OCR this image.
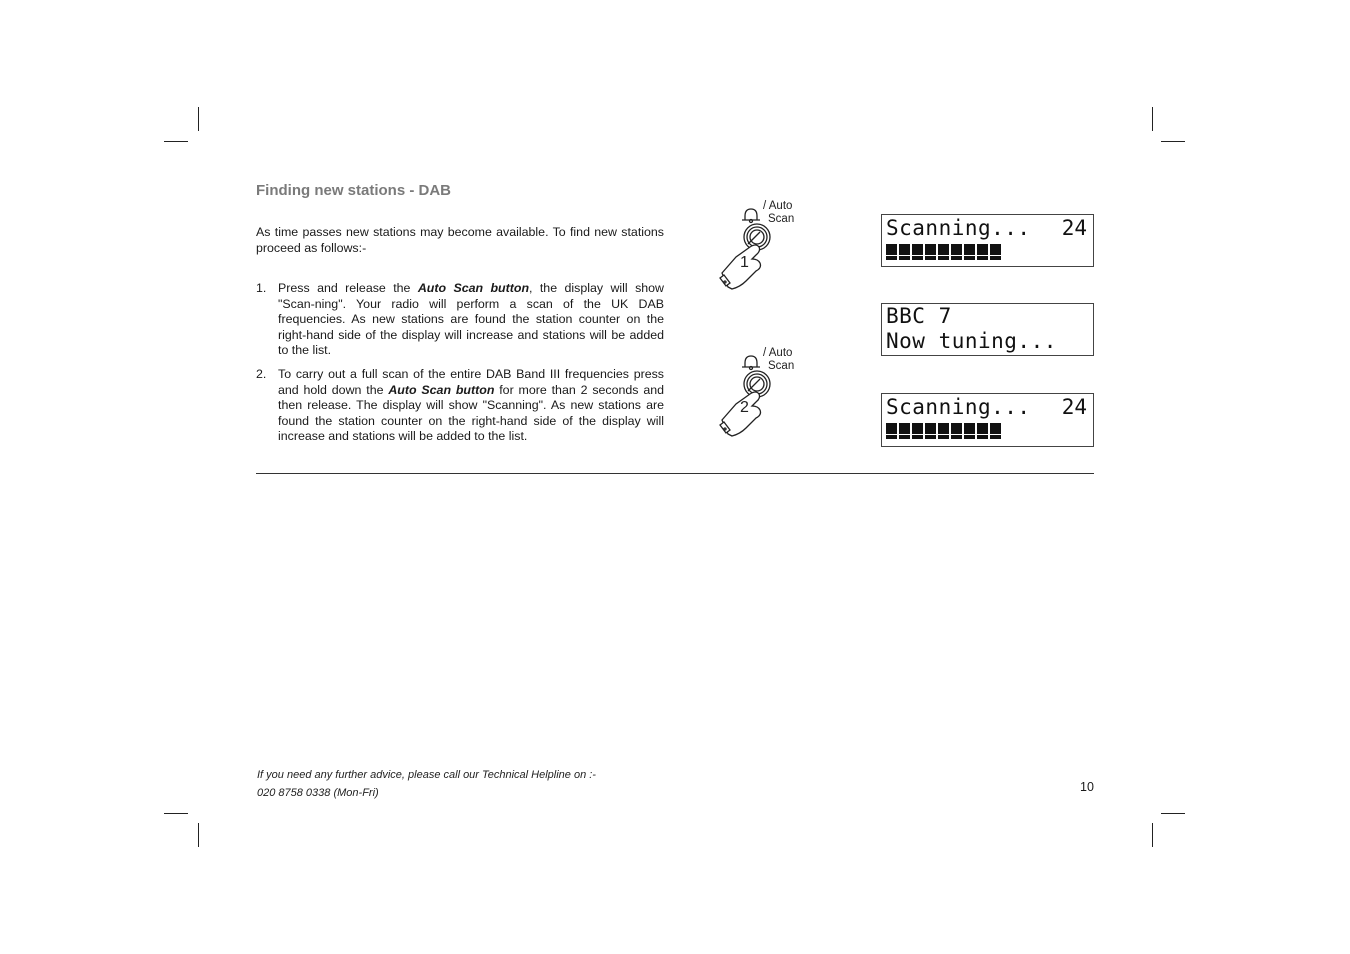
Finding new stations - DAB

As time passes new stations may become available. To find new stations proceed as follows:-

1. Press and release the Auto Scan button, the display will show "Scan-ning". Your radio will perform a scan of the UK DAB frequencies. As new stations are found the station counter on the right-hand side of the display will increase and stations will be added to the list.
2. To carry out a full scan of the entire DAB Band III frequencies press and hold down the Auto Scan button for more than 2 seconds and then release. The display will show "Scanning". As new stations are found the station counter on the right-hand side of the display will increase and stations will be added to the list.
1
/ Auto
Scan
2
/ Auto
Scan
Scanning... 24
BBC 7
Now tuning...
Scanning... 24
If you need any further advice, please call our Technical Helpline on :-
020 8758 0338 (Mon-Fri)	10
